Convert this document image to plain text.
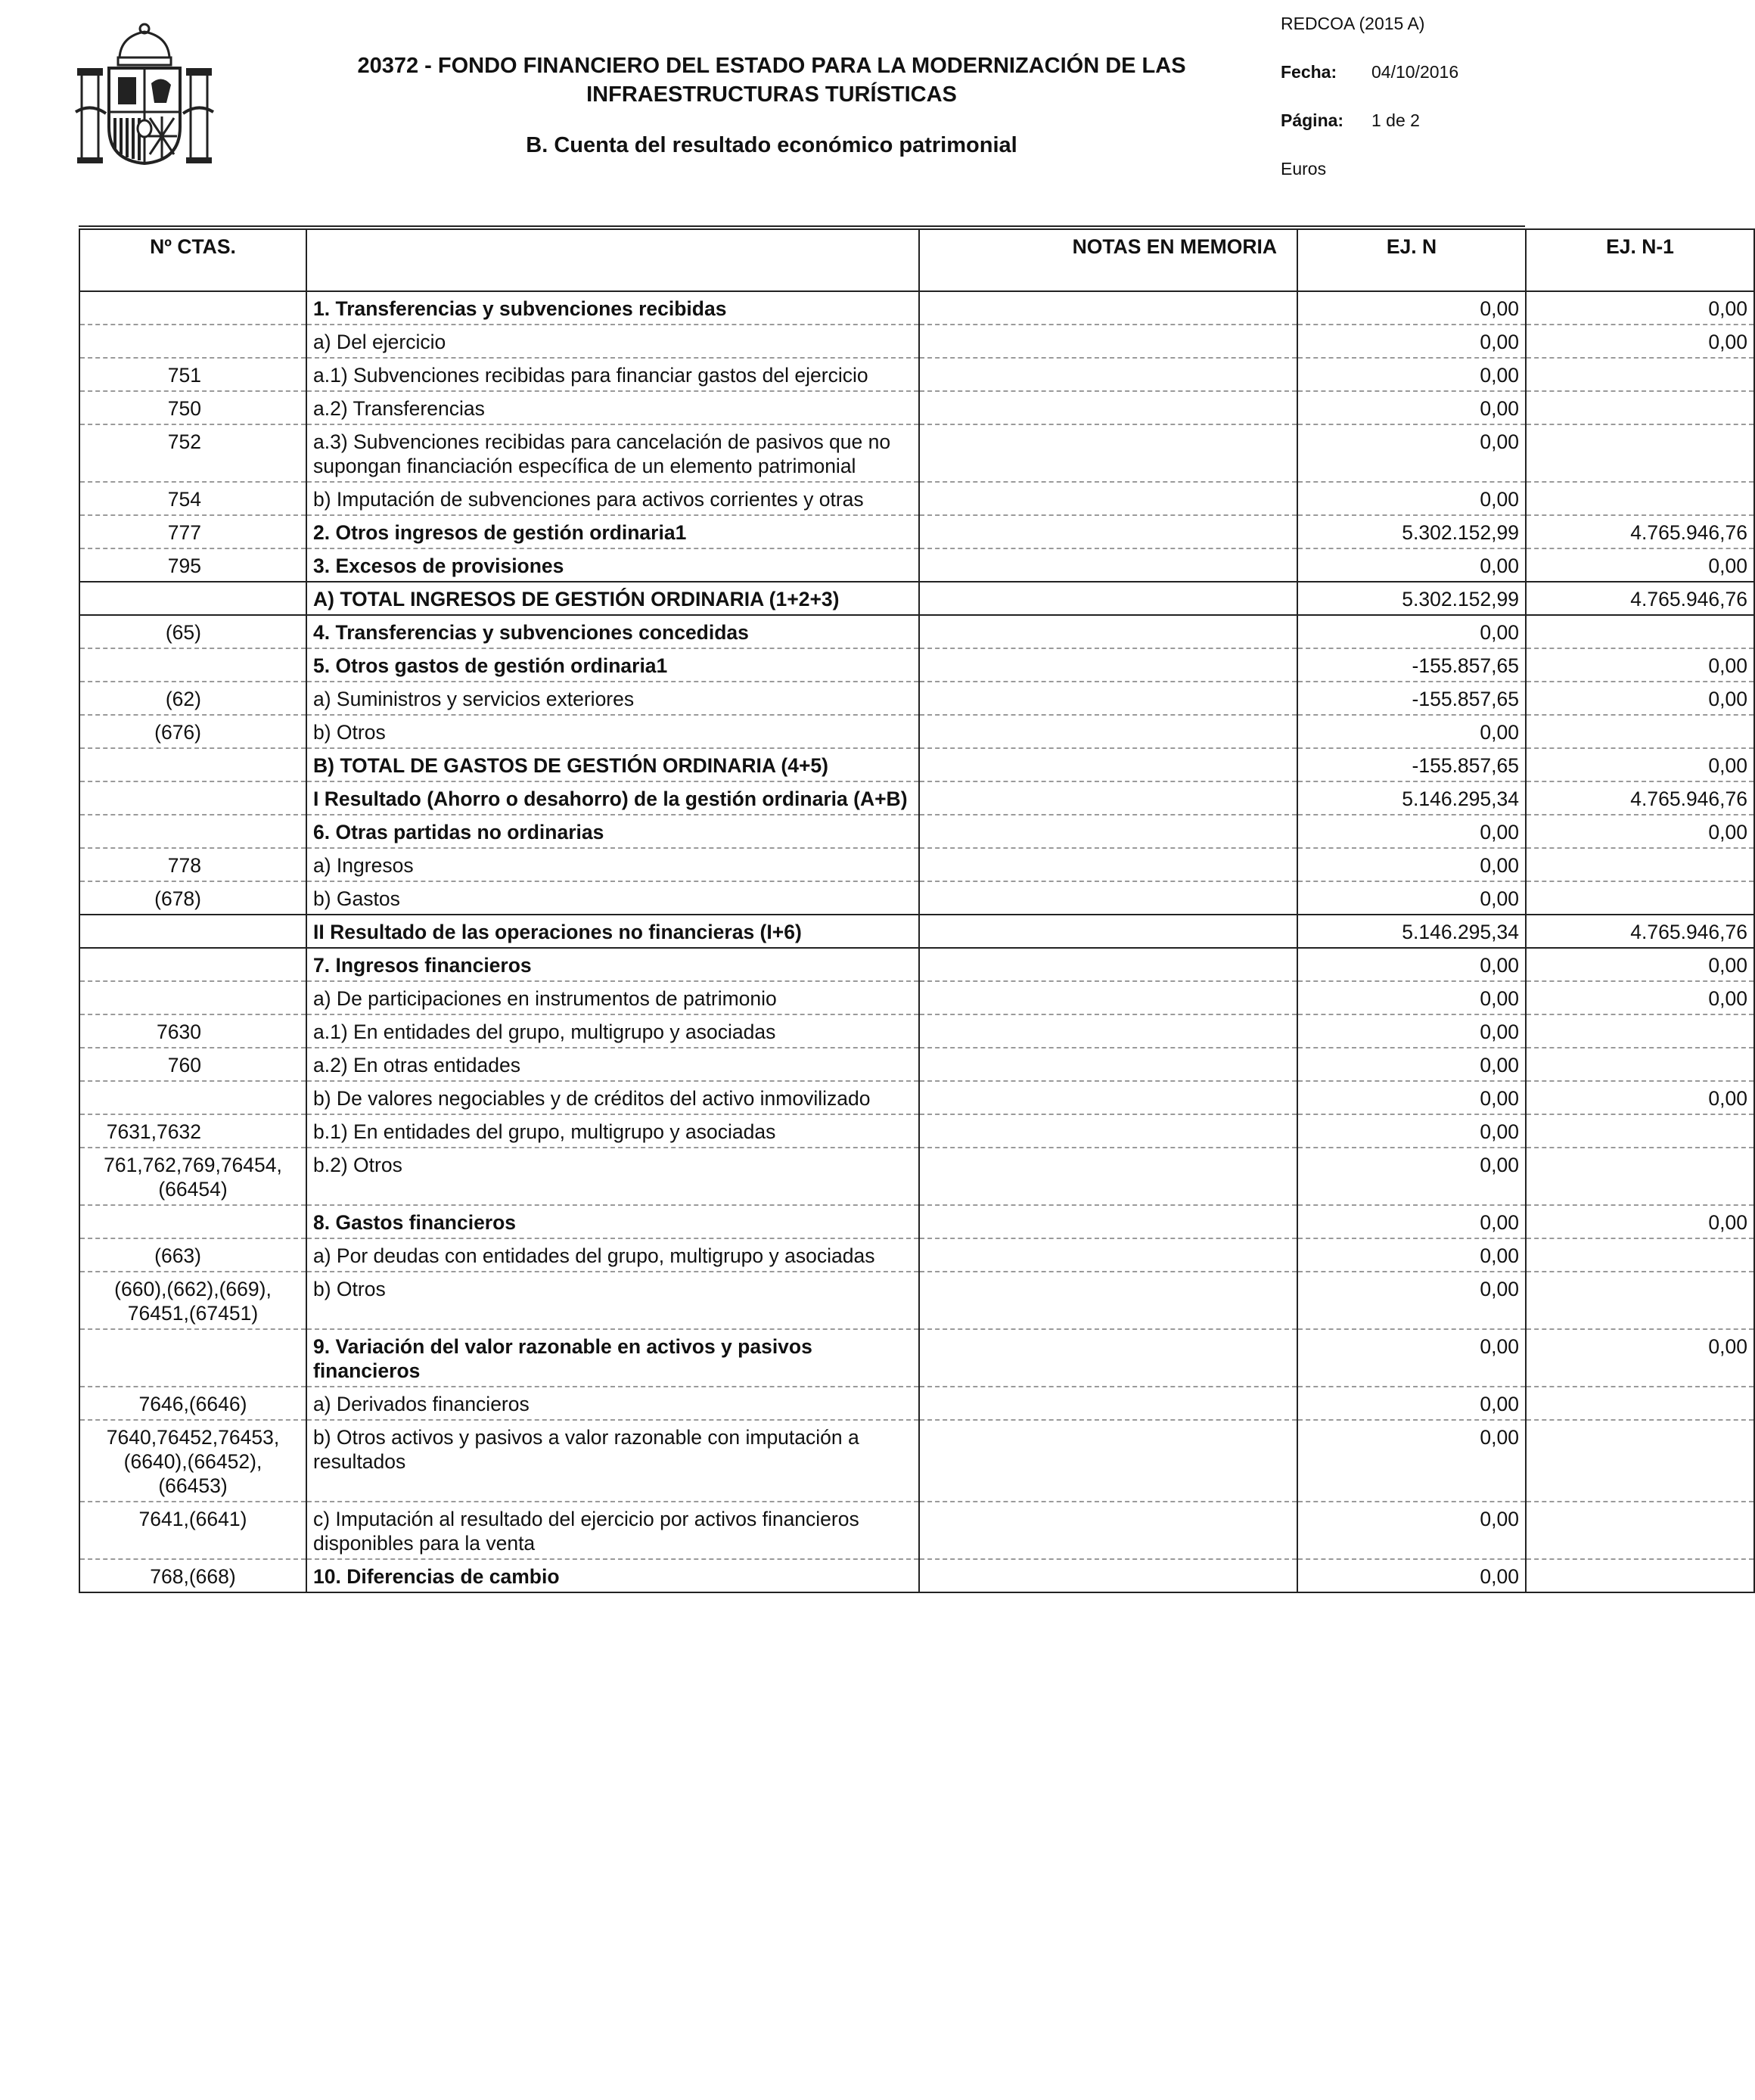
20372 - FONDO FINANCIERO DEL ESTADO PARA LA MODERNIZACIÓN DE LAS INFRAESTRUCTURAS TURÍSTICAS
B. Cuenta del resultado económico patrimonial
REDCOA (2015 A)
Fecha: 04/10/2016
Página: 1 de 2
Euros
Nº CTAS.		NOTAS EN MEMORIA	EJ. N	EJ. N-1
	1. Transferencias y subvenciones recibidas		0,00	0,00
	a) Del ejercicio		0,00	0,00
751	a.1) Subvenciones recibidas para financiar gastos del ejercicio		0,00	
750	a.2) Transferencias		0,00	
752	a.3) Subvenciones recibidas para cancelación de pasivos que no supongan financiación específica de un elemento patrimonial		0,00	
754	b) Imputación de subvenciones para activos corrientes y otras		0,00	
777	2. Otros ingresos de gestión ordinaria1		5.302.152,99	4.765.946,76
795	3. Excesos de provisiones		0,00	0,00
	A) TOTAL INGRESOS DE GESTIÓN ORDINARIA (1+2+3)		5.302.152,99	4.765.946,76
(65)	4. Transferencias y subvenciones concedidas		0,00	
	5. Otros gastos de gestión ordinaria1		-155.857,65	0,00
(62)	a) Suministros y servicios exteriores		-155.857,65	0,00
(676)	b) Otros		0,00	
	B) TOTAL DE GASTOS DE GESTIÓN ORDINARIA (4+5)		-155.857,65	0,00
	I Resultado (Ahorro o desahorro) de la gestión ordinaria (A+B)		5.146.295,34	4.765.946,76
	6. Otras partidas no ordinarias		0,00	0,00
778	a) Ingresos		0,00	
(678)	b) Gastos		0,00	
	II Resultado de las operaciones no financieras (I+6)		5.146.295,34	4.765.946,76
	7. Ingresos financieros		0,00	0,00
	a) De participaciones en instrumentos de patrimonio		0,00	0,00
7630	a.1) En entidades del grupo, multigrupo y asociadas		0,00	
760	a.2) En otras entidades		0,00	
	b) De valores negociables y de créditos del activo inmovilizado		0,00	0,00
7631,7632	b.1) En entidades del grupo, multigrupo y asociadas		0,00	
761,762,769,76454, (66454)	b.2) Otros		0,00	
	8. Gastos financieros		0,00	0,00
(663)	a) Por deudas con entidades del grupo, multigrupo y asociadas		0,00	
(660),(662),(669), 76451,(67451)	b) Otros		0,00	
	9. Variación del valor razonable en activos y pasivos financieros		0,00	0,00
7646,(6646)	a) Derivados financieros		0,00	
7640,76452,76453, (6640),(66452), (66453)	b) Otros activos y pasivos a valor razonable con imputación a resultados		0,00	
7641,(6641)	c) Imputación al resultado del ejercicio por activos financieros disponibles para la venta		0,00	
768,(668)	10. Diferencias de cambio		0,00	
